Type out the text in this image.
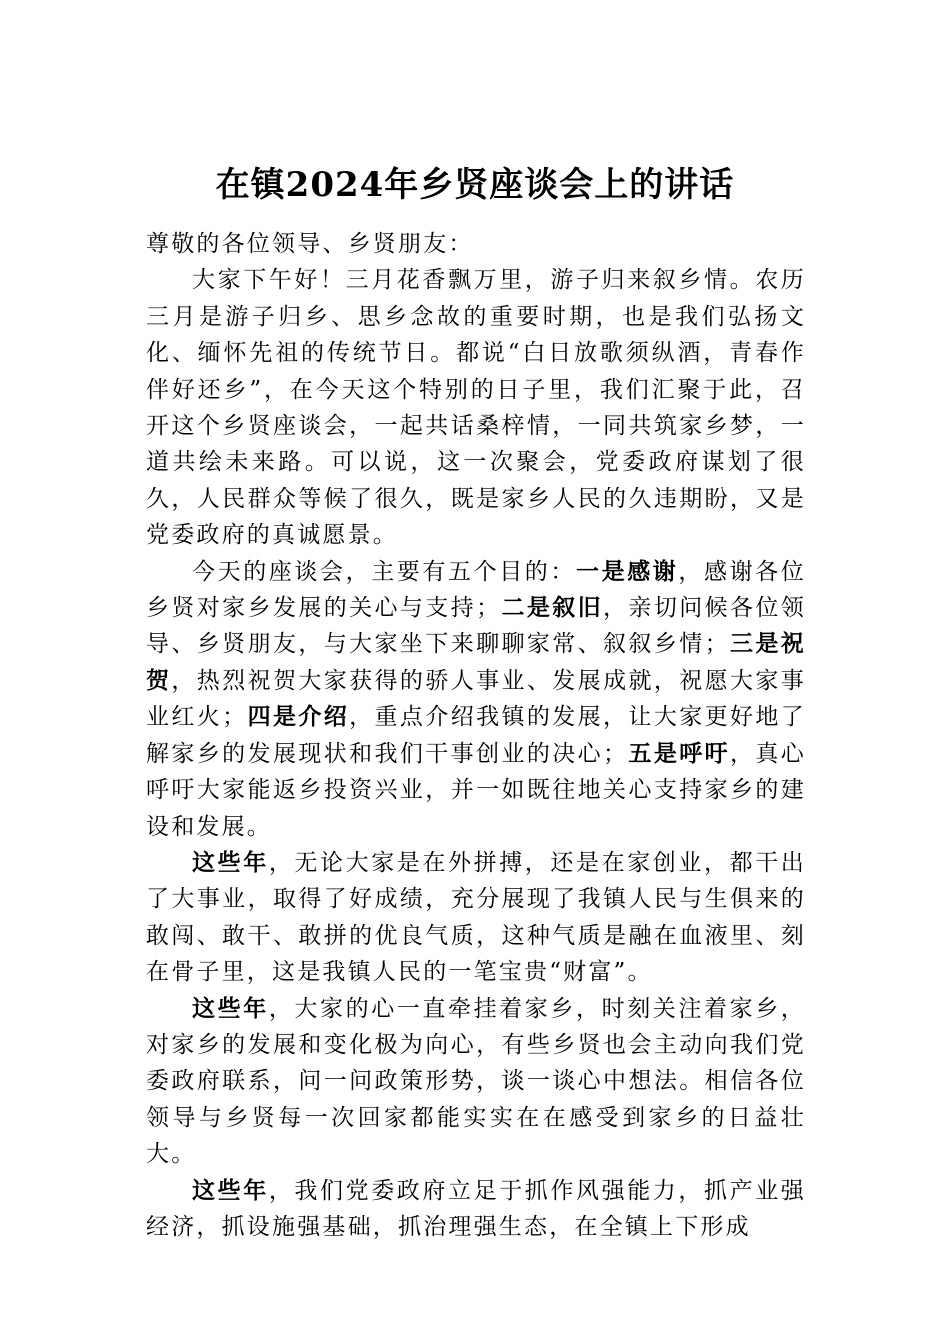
在镇2024年乡贤座谈会上的讲话

尊敬的各位领导、乡贤朋友：

大家下午好！三月花香飘万里，游子归来叙乡情。农历三月是游子归乡、思乡念故的重要时期，也是我们弘扬文化、缅怀先祖的传统节日。都说“白日放歌须纵酒，青春作伴好还乡”，在今天这个特别的日子里，我们汇聚于此，召开这个乡贤座谈会，一起共话桑梓情，一同共筑家乡梦，一道共绘未来路。可以说，这一次聚会，党委政府谋划了很久，人民群众等候了很久，既是家乡人民的久违期盼，又是党委政府的真诚愿景。

今天的座谈会，主要有五个目的：一是感谢，感谢各位乡贤对家乡发展的关心与支持；二是叙旧，亲切问候各位领导、乡贤朋友，与大家坐下来聊聊家常、叙叙乡情；三是祝贺，热烈祝贺大家获得的骄人事业、发展成就，祝愿大家事业红火；四是介绍，重点介绍我镇的发展，让大家更好地了解家乡的发展现状和我们干事创业的决心；五是呼吁，真心呼吁大家能返乡投资兴业，并一如既往地关心支持家乡的建设和发展。

这些年，无论大家是在外拼搏，还是在家创业，都干出了大事业，取得了好成绩，充分展现了我镇人民与生俱来的敢闯、敢干、敢拼的优良气质，这种气质是融在血液里、刻在骨子里，这是我镇人民的一笔宝贵“财富”。

这些年，大家的心一直牵挂着家乡，时刻关注着家乡，对家乡的发展和变化极为向心，有些乡贤也会主动向我们党委政府联系，问一问政策形势，谈一谈心中想法。相信各位领导与乡贤每一次回家都能实实在在感受到家乡的日益壮大。

这些年，我们党委政府立足于抓作风强能力，抓产业强经济，抓设施强基础，抓治理强生态，在全镇上下形成
